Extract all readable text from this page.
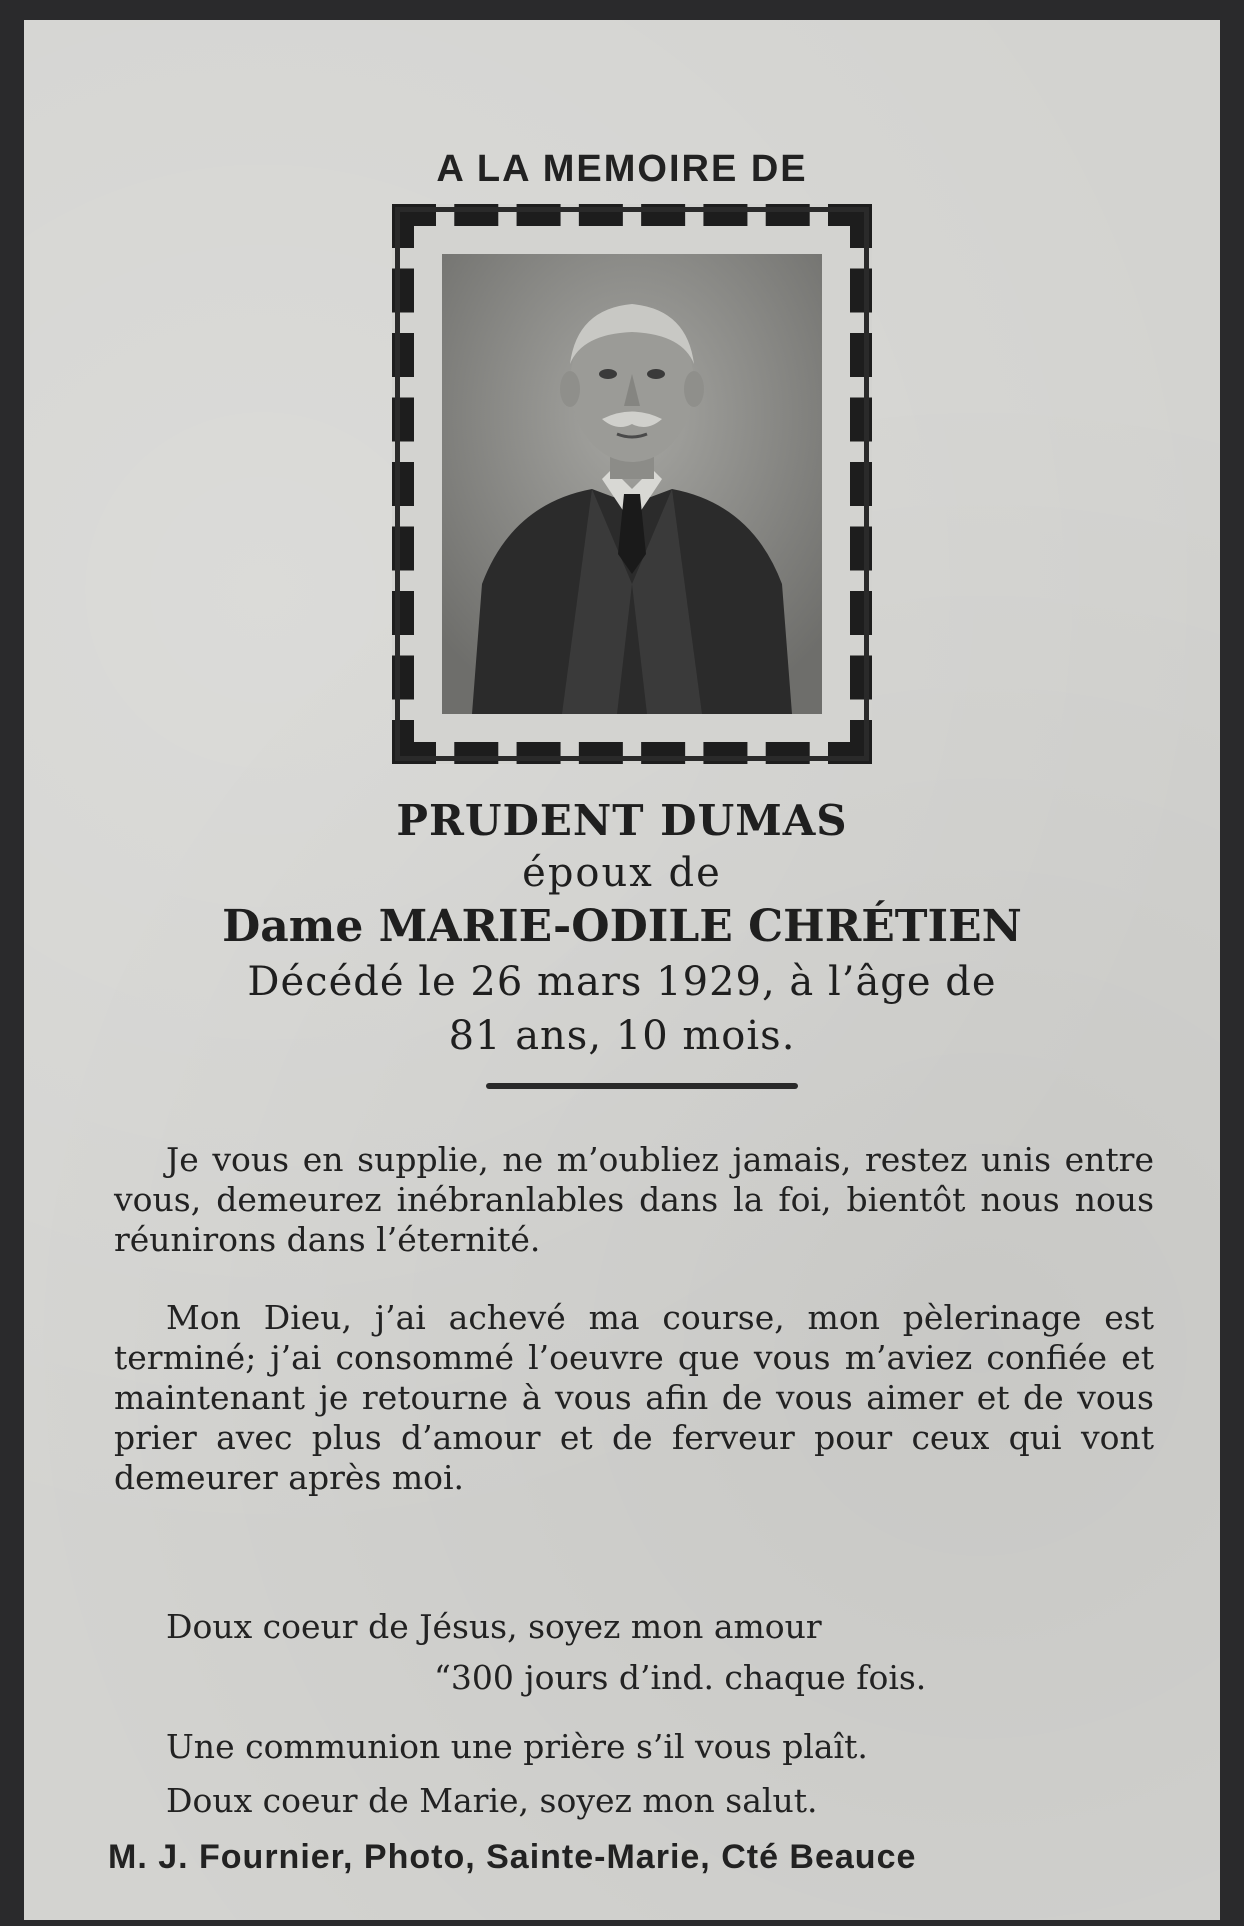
A LA MEMOIRE DE
PRUDENT DUMAS
époux de
Dame MARIE-ODILE CHRÉTIEN
Décédé le 26 mars 1929, à l’âge de
81 ans, 10 mois.

Je vous en supplie, ne m’oubliez jamais, restez unis entre vous, demeurez inébranlables dans la foi, bientôt nous nous réunirons dans l’éternité.

Mon Dieu, j’ai achevé ma course, mon pèlerinage est terminé; j’ai consommé l’oeuvre que vous m’aviez confiée et maintenant je retourne à vous afin de vous aimer et de vous prier avec plus d’amour et de ferveur pour ceux qui vont demeurer après moi.

Doux coeur de Jésus, soyez mon amour
“300 jours d’ind. chaque fois.
Une communion une prière s’il vous plaît.
Doux coeur de Marie, soyez mon salut.
M. J. Fournier, Photo, Sainte-Marie, Cté Beauce
